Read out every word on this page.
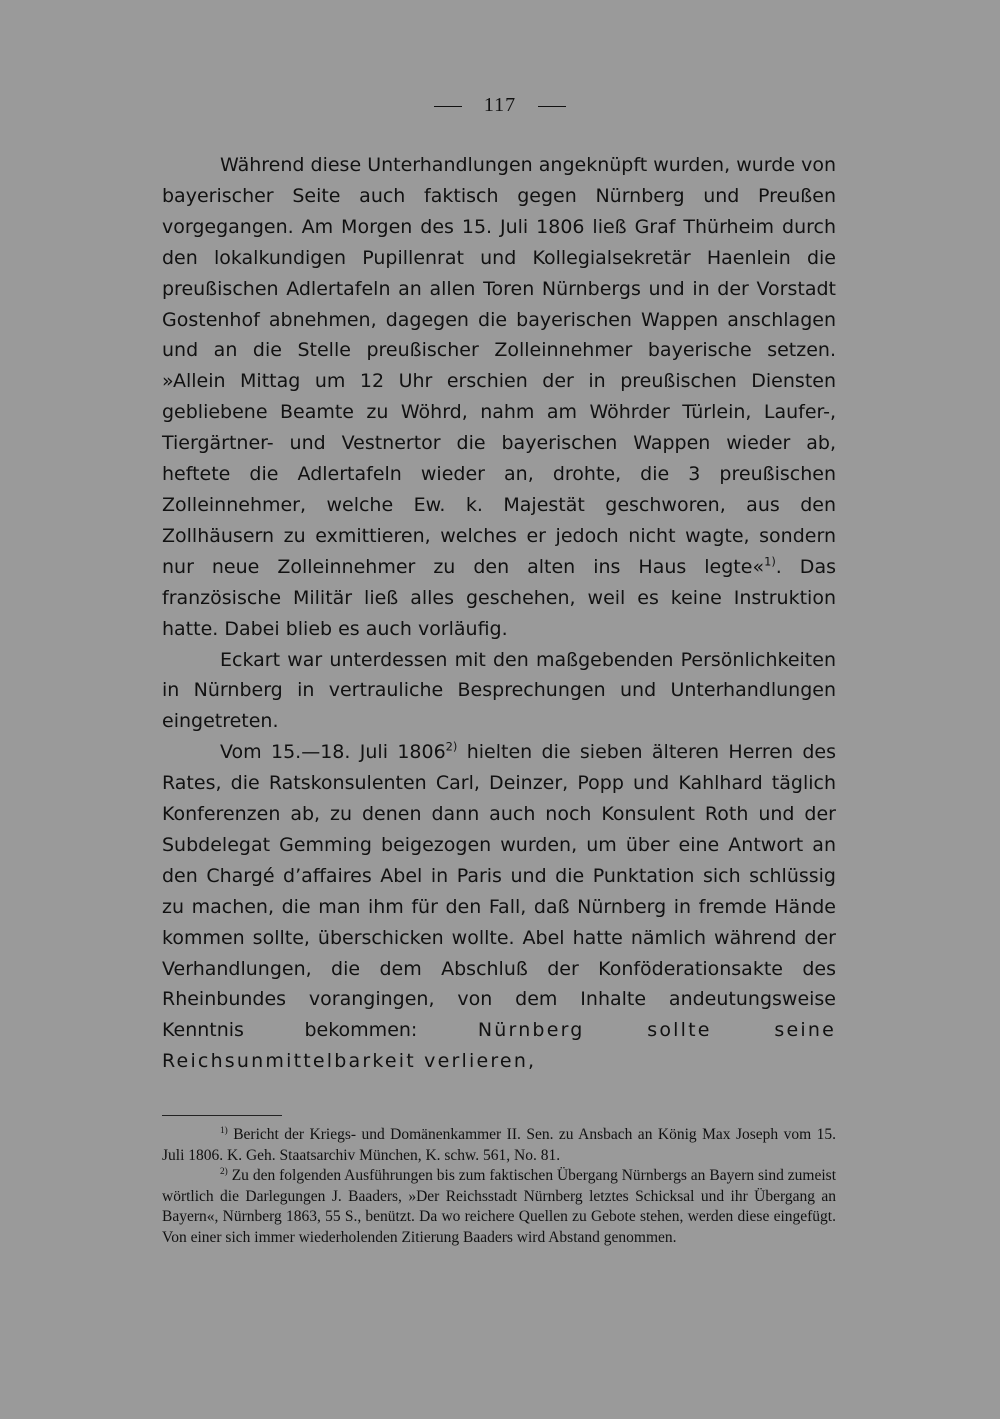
117

Während diese Unterhandlungen angeknüpft wurden, wurde von bayerischer Seite auch faktisch gegen Nürnberg und Preußen vorgegangen. Am Morgen des 15. Juli 1806 ließ Graf Thürheim durch den lokalkundigen Pupillenrat und Kollegialsekretär Haenlein die preußischen Adlertafeln an allen Toren Nürnbergs und in der Vorstadt Gostenhof abnehmen, dagegen die bayerischen Wappen anschlagen und an die Stelle preußischer Zolleinnehmer bayerische setzen. »Allein Mittag um 12 Uhr erschien der in preußischen Diensten gebliebene Beamte zu Wöhrd, nahm am Wöhrder Türlein, Laufer-, Tiergärtner- und Vestnertor die bayerischen Wappen wieder ab, heftete die Adlertafeln wieder an, drohte, die 3 preußischen Zolleinnehmer, welche Ew. k. Majestät geschworen, aus den Zollhäusern zu exmittieren, welches er jedoch nicht wagte, sondern nur neue Zolleinnehmer zu den alten ins Haus legte«$^{1)}$. Das französische Militär ließ alles geschehen, weil es keine Instruktion hatte. Dabei blieb es auch vorläufig.

Eckart war unterdessen mit den maßgebenden Persönlichkeiten in Nürnberg in vertrauliche Besprechungen und Unterhandlungen eingetreten.

Vom 15.—18. Juli 1806$^{2)}$ hielten die sieben älteren Herren des Rates, die Ratskonsulenten Carl, Deinzer, Popp und Kahlhard täglich Konferenzen ab, zu denen dann auch noch Konsulent Roth und der Subdelegat Gemming beigezogen wurden, um über eine Antwort an den Chargé d’affaires Abel in Paris und die Punktation sich schlüssig zu machen, die man ihm für den Fall, daß Nürnberg in fremde Hände kommen sollte, überschicken wollte. Abel hatte nämlich während der Verhandlungen, die dem Abschluß der Konföderationsakte des Rheinbundes vorangingen, von dem Inhalte andeutungsweise Kenntnis bekommen:	Nürnberg sollte seine Reichsunmittelbarkeit verlieren,

$^{1)}$ Bericht der Kriegs- und Domänenkammer II. Sen. zu Ansbach an König Max Joseph vom 15. Juli 1806. K. Geh. Staatsarchiv München, K. schw. 561, No. 81.

$^{2)}$ Zu den folgenden Ausführungen bis zum faktischen Übergang Nürnbergs an Bayern sind zumeist wörtlich die Darlegungen J. Baaders, »Der Reichsstadt Nürnberg letztes Schicksal und ihr Übergang an Bayern«, Nürnberg 1863, 55 S., benützt. Da wo reichere Quellen zu Gebote stehen, werden diese eingefügt. Von einer sich immer wiederholenden Zitierung Baaders wird Abstand genommen.
